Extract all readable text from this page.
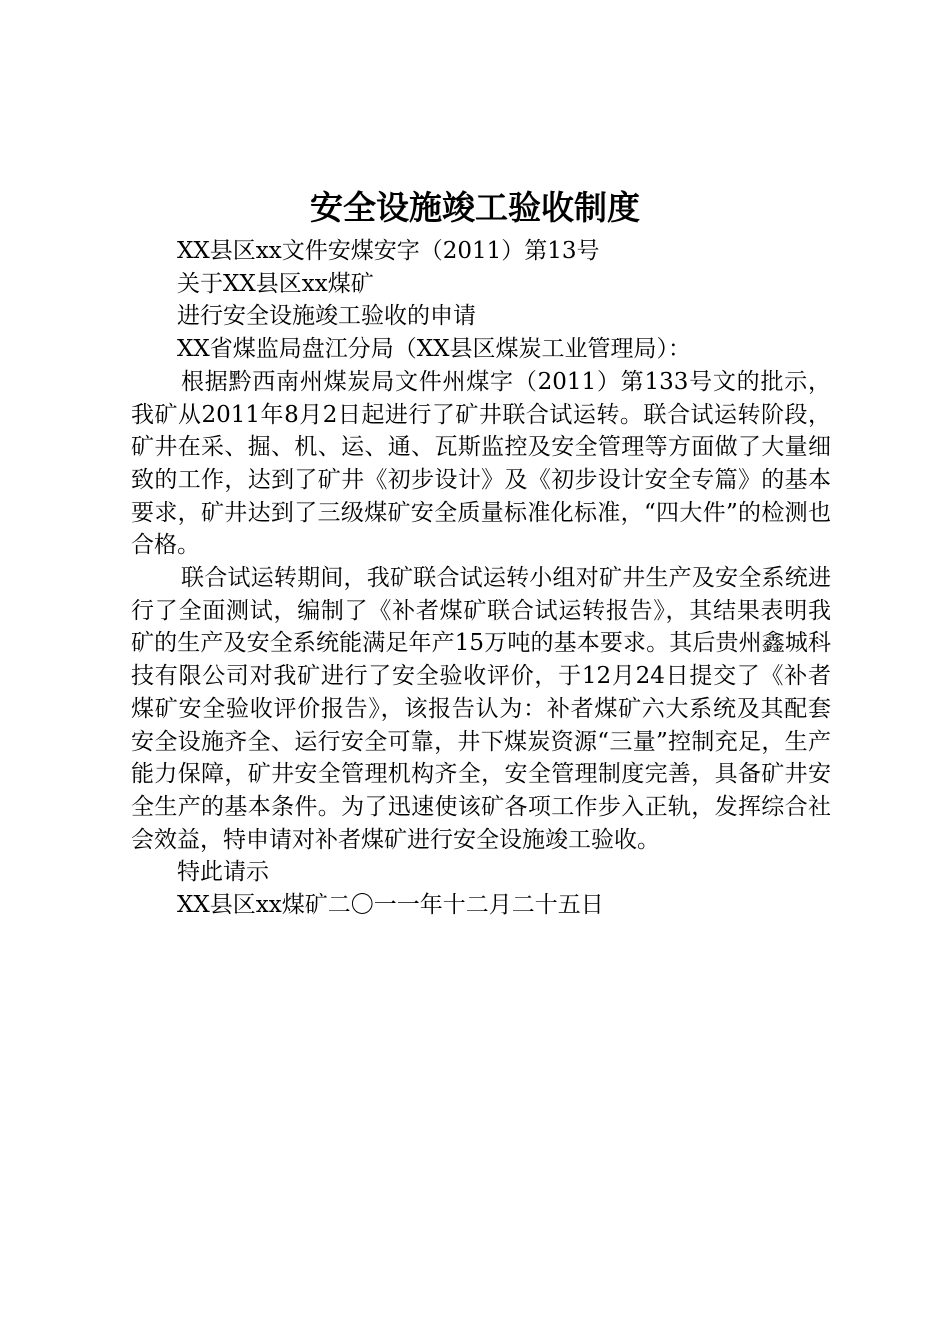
安全设施竣工验收制度

XX县区xx文件安煤安字（2011）第13号

关于XX县区xx煤矿

进行安全设施竣工验收的申请

XX省煤监局盘江分局（XX县区煤炭工业管理局）：

根据黔西南州煤炭局文件州煤字（2011）第133号文的批示，我矿从2011年8月2日起进行了矿井联合试运转。联合试运转阶段，矿井在采、掘、机、运、通、瓦斯监控及安全管理等方面做了大量细致的工作，达到了矿井《初步设计》及《初步设计安全专篇》的基本要求，矿井达到了三级煤矿安全质量标准化标准，“四大件”的检测也合格。

联合试运转期间，我矿联合试运转小组对矿井生产及安全系统进行了全面测试，编制了《补者煤矿联合试运转报告》，其结果表明我矿的生产及安全系统能满足年产15万吨的基本要求。其后贵州鑫城科技有限公司对我矿进行了安全验收评价，于12月24日提交了《补者煤矿安全验收评价报告》，该报告认为：补者煤矿六大系统及其配套安全设施齐全、运行安全可靠，井下煤炭资源“三量”控制充足，生产能力保障，矿井安全管理机构齐全，安全管理制度完善，具备矿井安全生产的基本条件。为了迅速使该矿各项工作步入正轨，发挥综合社会效益，特申请对补者煤矿进行安全设施竣工验收。

特此请示

XX县区xx煤矿二〇一一年十二月二十五日
